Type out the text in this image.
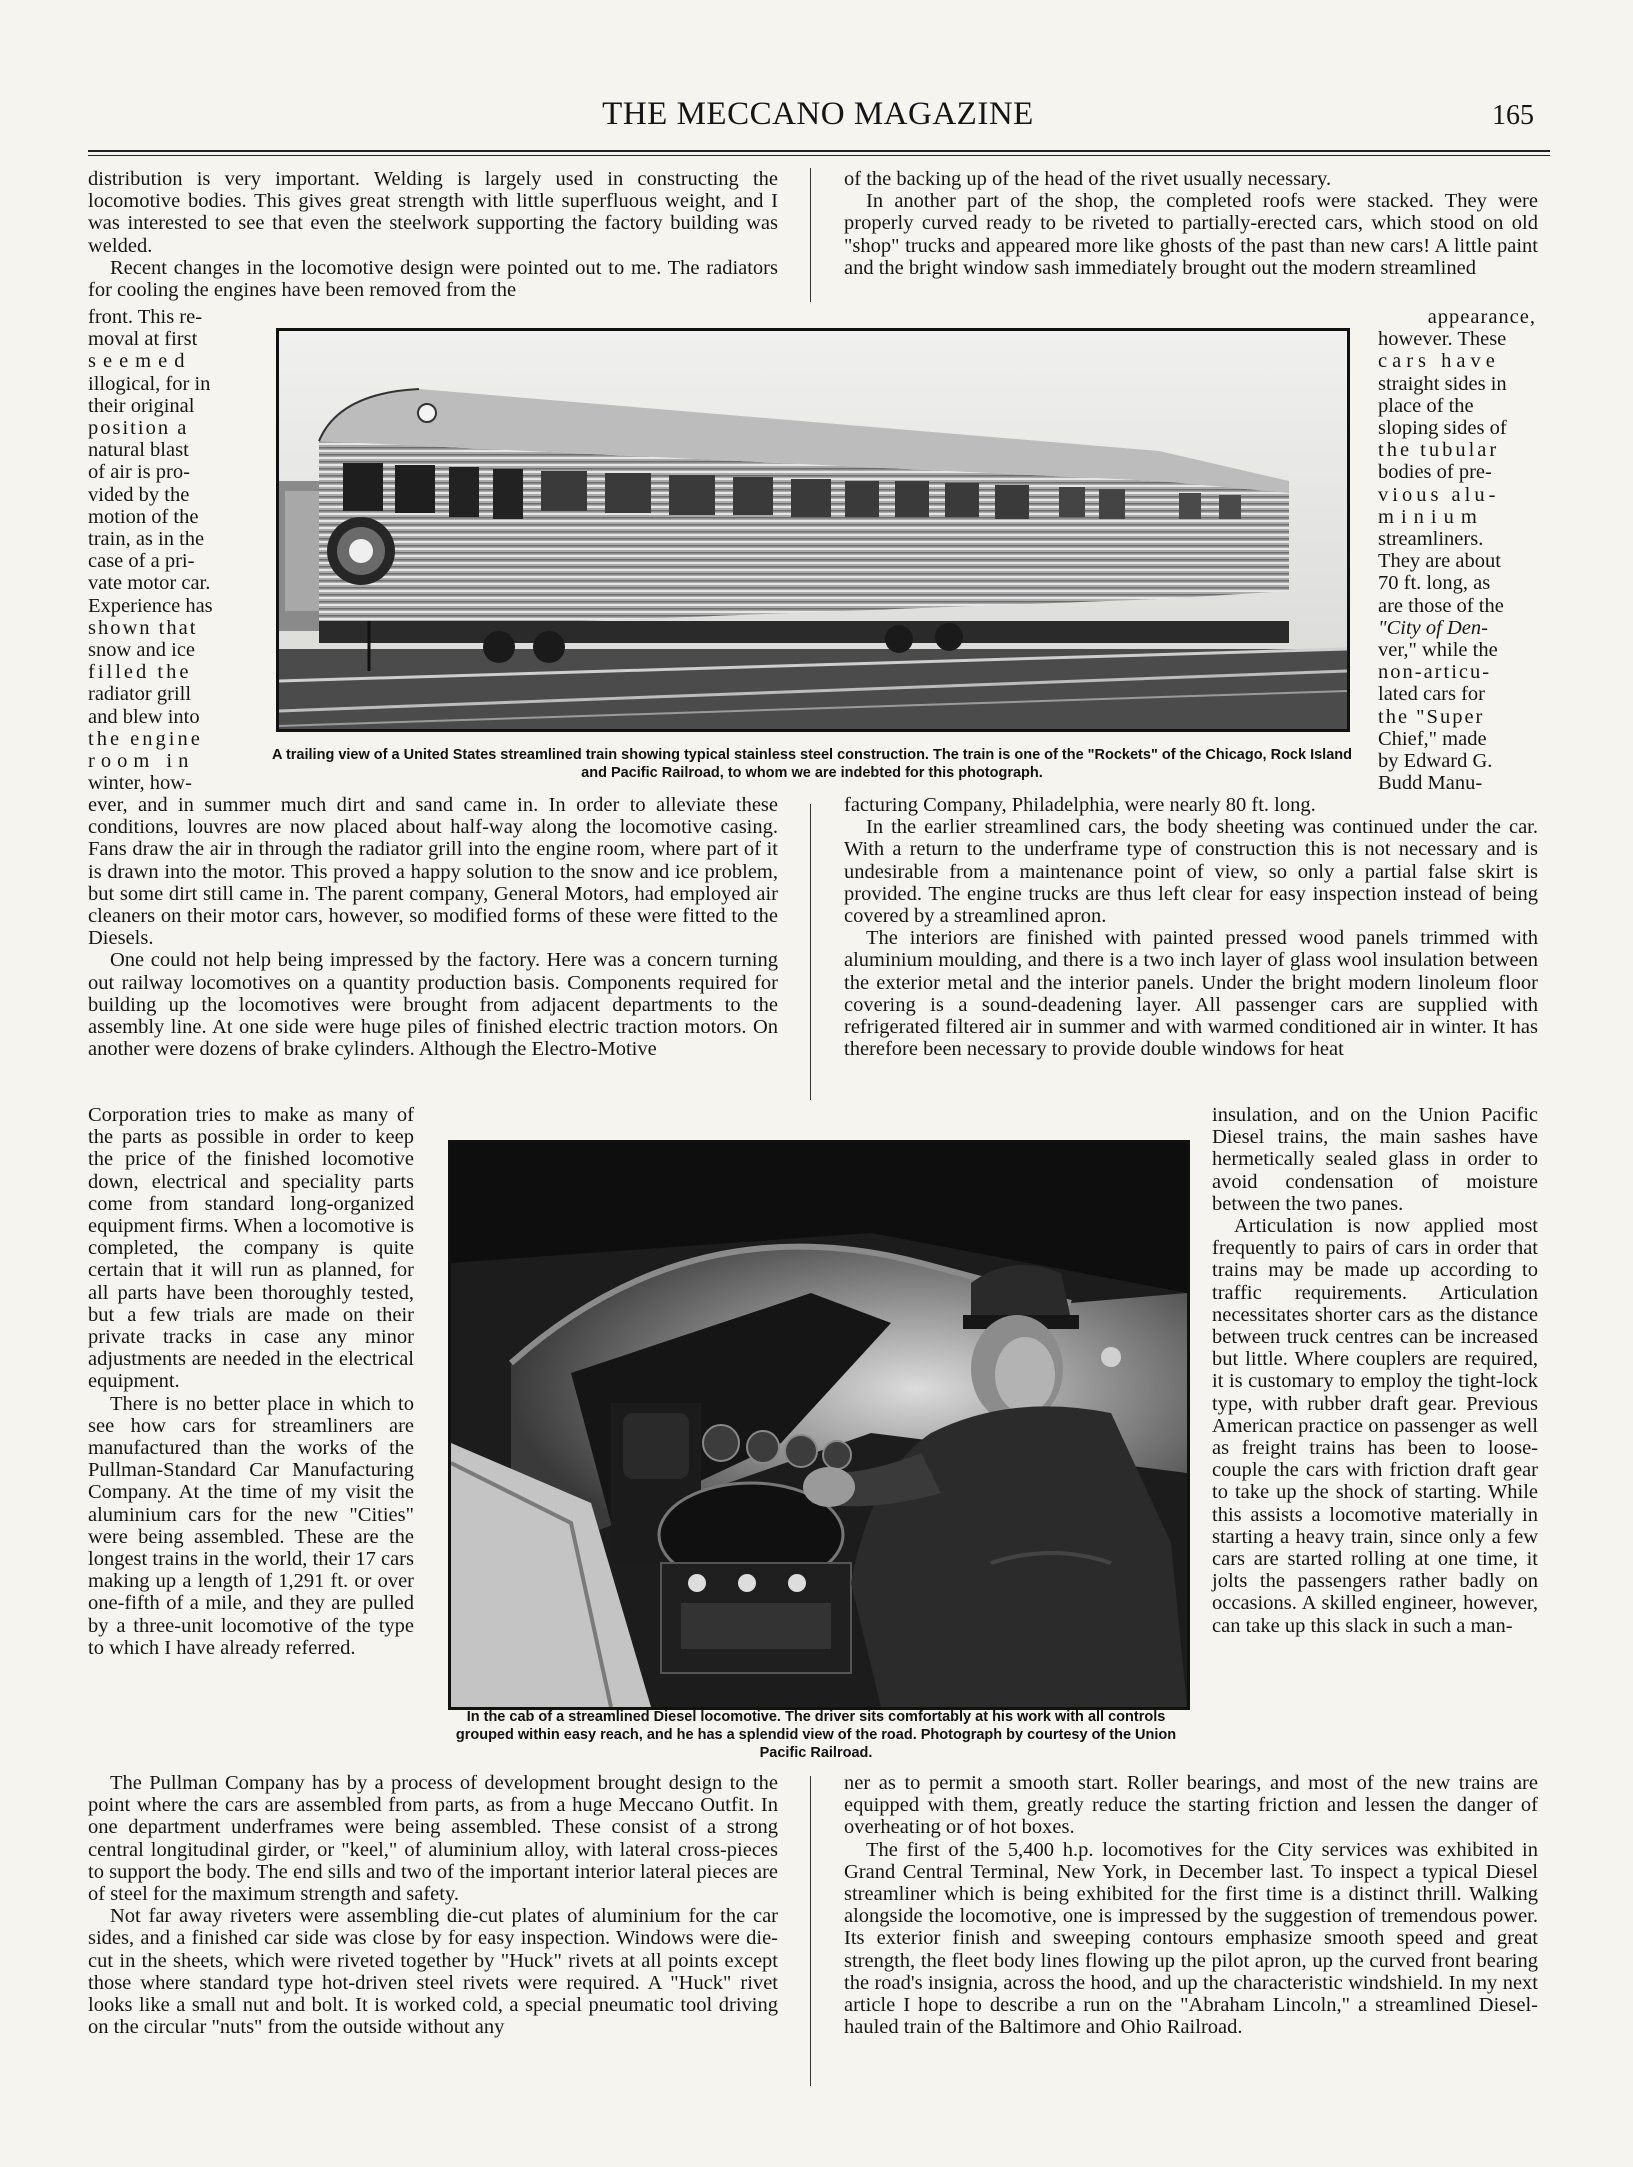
THE MECCANO MAGAZINE	165

distribution is very important. Welding is largely used in constructing the locomotive bodies. This gives great strength with little superfluous weight, and I was interested to see that even the steelwork supporting the factory building was welded.

Recent changes in the locomotive design were pointed out to me. The radiators for cooling the engines have been removed from the

front. This re-
moval at first
seemed
illogical, for in
their original
position a
natural blast
of air is pro-
vided by the
motion of the
train, as in the
case of a pri-
vate motor car.
Experience has
shown that
snow and ice
filled the
radiator grill
and blew into
the engine
room in
winter, how-

ever, and in summer much dirt and sand came in. In order to alleviate these conditions, louvres are now placed about half-way along the locomotive casing. Fans draw the air in through the radiator grill into the engine room, where part of it is drawn into the motor. This proved a happy solution to the snow and ice problem, but some dirt still came in. The parent company, General Motors, had employed air cleaners on their motor cars, however, so modified forms of these were fitted to the Diesels.

One could not help being impressed by the factory. Here was a concern turning out railway locomotives on a quantity production basis. Components required for building up the locomotives were brought from adjacent departments to the assembly line. At one side were huge piles of finished electric traction motors. On another were dozens of brake cylinders. Although the Electro-Motive

Corporation tries to make as many of the parts as possible in order to keep the price of the finished locomotive down, electrical and speciality parts come from standard long-organized equipment firms. When a locomotive is completed, the company is quite certain that it will run as planned, for all parts have been thoroughly tested, but a few trials are made on their private tracks in case any minor adjustments are needed in the electrical equipment.

There is no better place in which to see how cars for streamliners are manufactured than the works of the Pullman-Standard Car Manufacturing Company. At the time of my visit the aluminium cars for the new "Cities" were being assembled. These are the longest trains in the world, their 17 cars making up a length of 1,291 ft. or over one-fifth of a mile, and they are pulled by a three-unit locomotive of the type to which I have already referred.

The Pullman Company has by a process of development brought design to the point where the cars are assembled from parts, as from a huge Meccano Outfit. In one department underframes were being assembled. These consist of a strong central longitudinal girder, or "keel," of aluminium alloy, with lateral cross-pieces to support the body. The end sills and two of the important interior lateral pieces are of steel for the maximum strength and safety.

Not far away riveters were assembling die-cut plates of aluminium for the car sides, and a finished car side was close by for easy inspection. Windows were die-cut in the sheets, which were riveted together by "Huck" rivets at all points except those where standard type hot-driven steel rivets were required. A "Huck" rivet looks like a small nut and bolt. It is worked cold, a special pneumatic tool driving on the circular "nuts" from the outside without any

of the backing up of the head of the rivet usually necessary.

In another part of the shop, the completed roofs were stacked. They were properly curved ready to be riveted to partially-erected cars, which stood on old "shop" trucks and appeared more like ghosts of the past than new cars! A little paint and the bright window sash immediately brought out the modern streamlined

appearance,
however. These
cars have
straight sides in
place of the
sloping sides of
the tubular
bodies of pre-
vious alu-
minium
streamliners.
They are about
70 ft. long, as
are those of the
"City of Den-
ver," while the
non-articu-
lated cars for
the "Super
Chief," made
by Edward G.
Budd Manu-

facturing Company, Philadelphia, were nearly 80 ft. long.

In the earlier streamlined cars, the body sheeting was continued under the car. With a return to the underframe type of construction this is not necessary and is undesirable from a maintenance point of view, so only a partial false skirt is provided. The engine trucks are thus left clear for easy inspection instead of being covered by a streamlined apron.

The interiors are finished with painted pressed wood panels trimmed with aluminium moulding, and there is a two inch layer of glass wool insulation between the exterior metal and the interior panels. Under the bright modern linoleum floor covering is a sound-deadening layer. All passenger cars are supplied with refrigerated filtered air in summer and with warmed conditioned air in winter. It has therefore been necessary to provide double windows for heat

insulation, and on the Union Pacific Diesel trains, the main sashes have hermetically sealed glass in order to avoid condensation of moisture between the two panes.

Articulation is now applied most frequently to pairs of cars in order that trains may be made up according to traffic requirements. Articulation necessitates shorter cars as the distance between truck centres can be increased but little. Where couplers are required, it is customary to employ the tight-lock type, with rubber draft gear. Previous American practice on passenger as well as freight trains has been to loose-couple the cars with friction draft gear to take up the shock of starting. While this assists a locomotive materially in starting a heavy train, since only a few cars are started rolling at one time, it jolts the passengers rather badly on occasions. A skilled engineer, however, can take up this slack in such a man-

ner as to permit a smooth start. Roller bearings, and most of the new trains are equipped with them, greatly reduce the starting friction and lessen the danger of overheating or of hot boxes.

The first of the 5,400 h.p. locomotives for the City services was exhibited in Grand Central Terminal, New York, in December last. To inspect a typical Diesel streamliner which is being exhibited for the first time is a distinct thrill. Walking alongside the locomotive, one is impressed by the suggestion of tremendous power. Its exterior finish and sweeping contours emphasize smooth speed and great strength, the fleet body lines flowing up the pilot apron, up the curved front bearing the road's insignia, across the hood, and up the characteristic windshield. In my next article I hope to describe a run on the "Abraham Lincoln," a streamlined Diesel-hauled train of the Baltimore and Ohio Railroad.

A trailing view of a United States streamlined train showing typical stainless steel construction. The train is one of the "Rockets" of the Chicago, Rock Island and Pacific Railroad, to whom we are indebted for this photograph.
In the cab of a streamlined Diesel locomotive. The driver sits comfortably at his work with all controls grouped within easy reach, and he has a splendid view of the road. Photograph by courtesy of the Union Pacific Railroad.
